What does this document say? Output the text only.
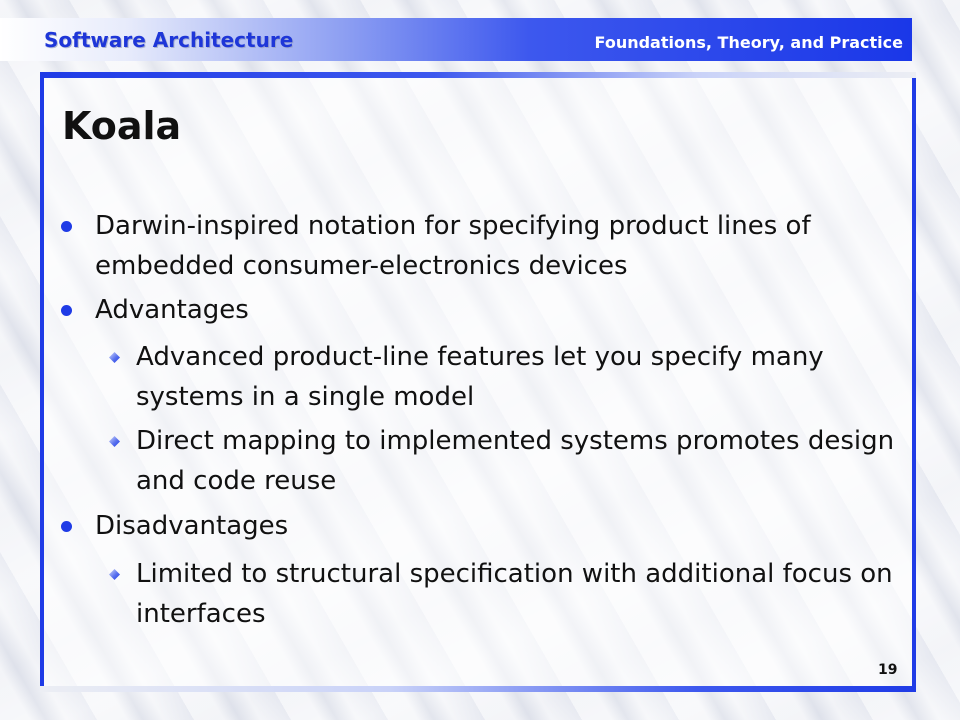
Software Architecture	Foundations, Theory, and Practice
Koala
Darwin-inspired notation for specifying product lines of embedded consumer-electronics devices
Advantages
Advanced product-line features let you specify many systems in a single model
Direct mapping to implemented systems promotes design and code reuse
Disadvantages
Limited to structural specification with additional focus on interfaces
19
